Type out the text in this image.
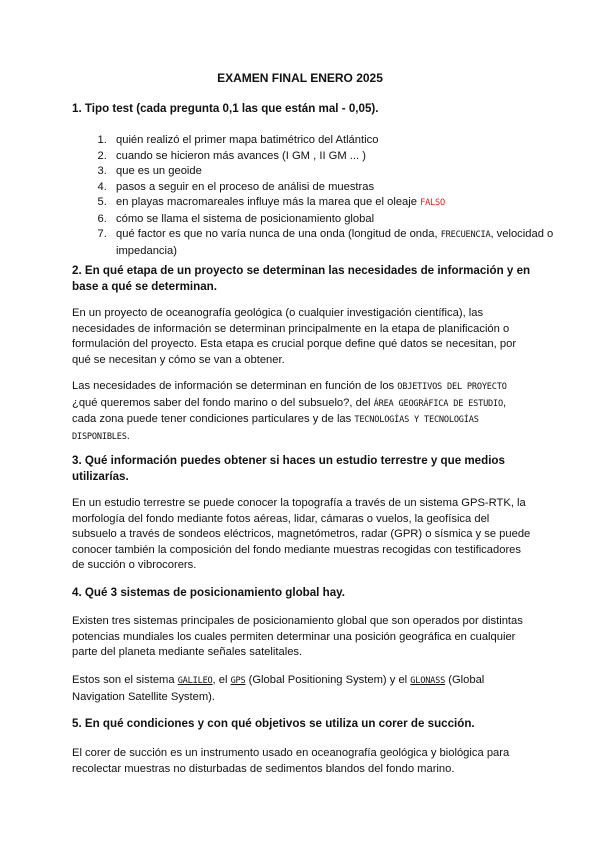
EXAMEN FINAL ENERO 2025
1. Tipo test (cada pregunta 0,1 las que están mal - 0,05).
1. quién realizó el primer mapa batimétrico del Atlántico
2. cuando se hicieron más avances (I GM , II GM ... )
3. que es un geoide
4. pasos a seguir en el proceso de análisi de muestras
5. en playas macromareales influye más la marea que el oleaje FALSO
6. cómo se llama el sistema de posicionamiento global
7. qué factor es que no varía nunca de una onda (longitud de onda, FRECUENCIA, velocidad o impedancia)
2. En qué etapa de un proyecto se determinan las necesidades de información y en base a qué se determinan.
En un proyecto de oceanografía geológica (o cualquier investigación científica), las necesidades de información se determinan principalmente en la etapa de planificación o formulación del proyecto. Esta etapa es crucial porque define qué datos se necesitan, por qué se necesitan y cómo se van a obtener.
Las necesidades de información se determinan en función de los OBJETIVOS DEL PROYECTO ¿qué queremos saber del fondo marino o del subsuelo?, del ÁREA GEOGRÁFICA DE ESTUDIO, cada zona puede tener condiciones particulares y de las TECNOLOGÍAS Y TECNOLOGÍAS DISPONIBLES.
3. Qué información puedes obtener si haces un estudio terrestre y que medios utilizarías.
En un estudio terrestre se puede conocer la topografía a través de un sistema GPS-RTK, la morfología del fondo mediante fotos aéreas, lidar, cámaras o vuelos, la geofísica del subsuelo a través de sondeos eléctricos, magnetómetros, radar (GPR) o sísmica y se puede conocer también la composición del fondo mediante muestras recogidas con testificadores de succión o vibrocorers.
4. Qué 3 sistemas de posicionamiento global hay.
Existen tres sistemas principales de posicionamiento global que son operados por distintas potencias mundiales los cuales permiten determinar una posición geográfica en cualquier parte del planeta mediante señales satelitales.
Estos son el sistema GALILEO, el GPS (Global Positioning System) y el GLONASS (Global Navigation Satellite System).
5. En qué condiciones y con qué objetivos se utiliza un corer de succión.
El corer de succión es un instrumento usado en oceanografía geológica y biológica para recolectar muestras no disturbadas de sedimentos blandos del fondo marino.
